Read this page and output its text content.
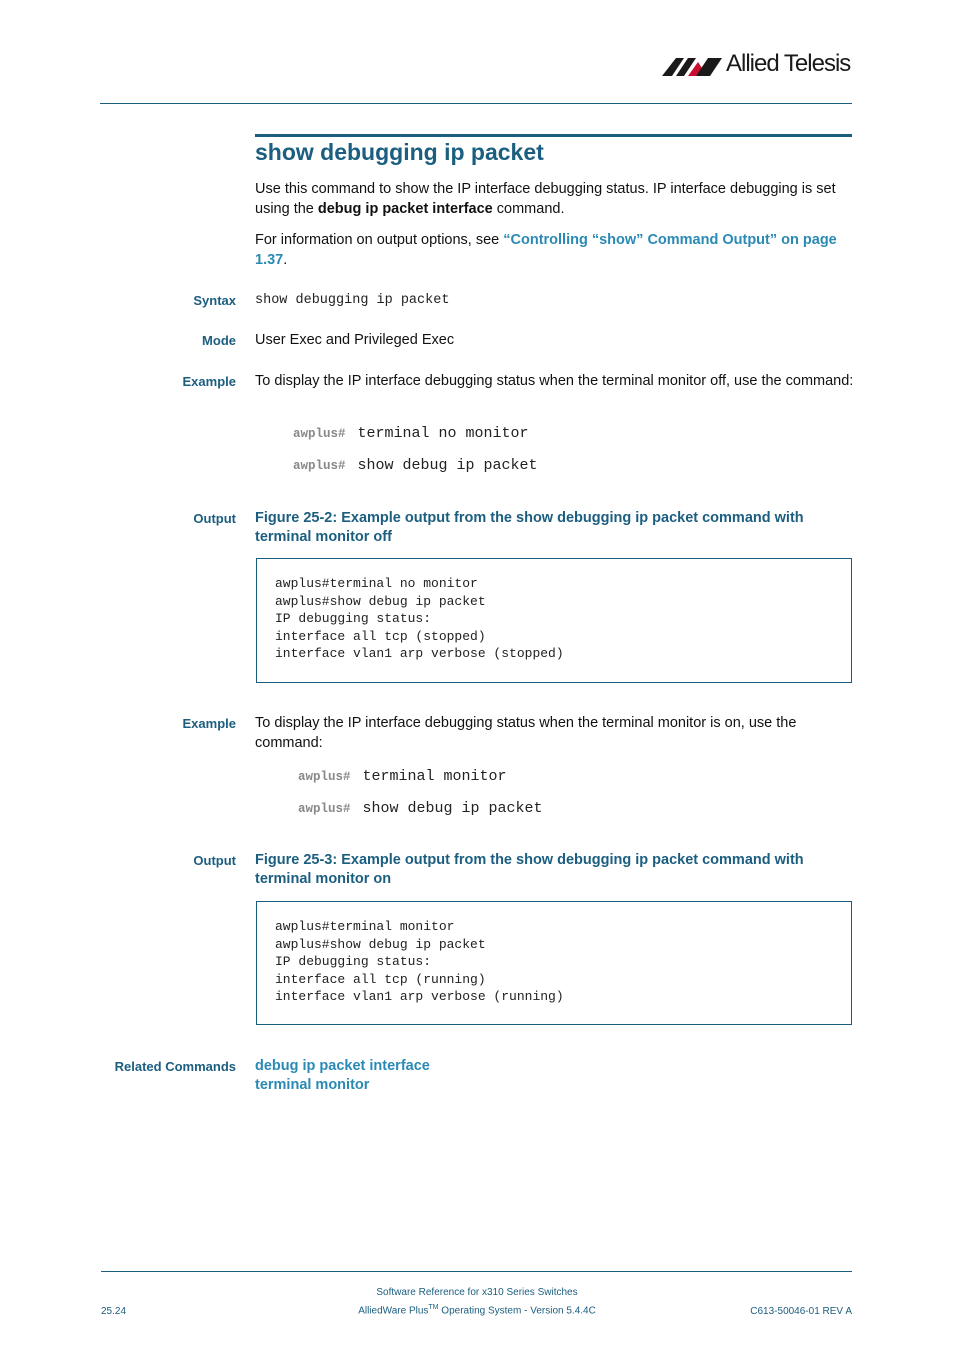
Allied Telesis
show debugging ip packet
Use this command to show the IP interface debugging status. IP interface debugging is set using the debug ip packet interface command.
For information on output options, see “Controlling “show” Command Output” on page 1.37.
Syntax show debugging ip packet
Mode User Exec and Privileged Exec
Example To display the IP interface debugging status when the terminal monitor off, use the command:
awplus# terminal no monitor
awplus# show debug ip packet
Output Figure 25-2: Example output from the show debugging ip packet command with terminal monitor off
awplus#terminal no monitor
awplus#show debug ip packet
IP debugging status:
interface all tcp (stopped)
interface vlan1 arp verbose (stopped)
Example To display the IP interface debugging status when the terminal monitor is on, use the command:
awplus# terminal monitor
awplus# show debug ip packet
Output Figure 25-3: Example output from the show debugging ip packet command with terminal monitor on
awplus#terminal monitor
awplus#show debug ip packet
IP debugging status:
interface all tcp (running)
interface vlan1 arp verbose (running)
Related Commands debug ip packet interface
terminal monitor
Software Reference for x310 Series Switches
AlliedWare Plus™ Operating System - Version 5.4.4C
25.24	C613-50046-01 REV A
